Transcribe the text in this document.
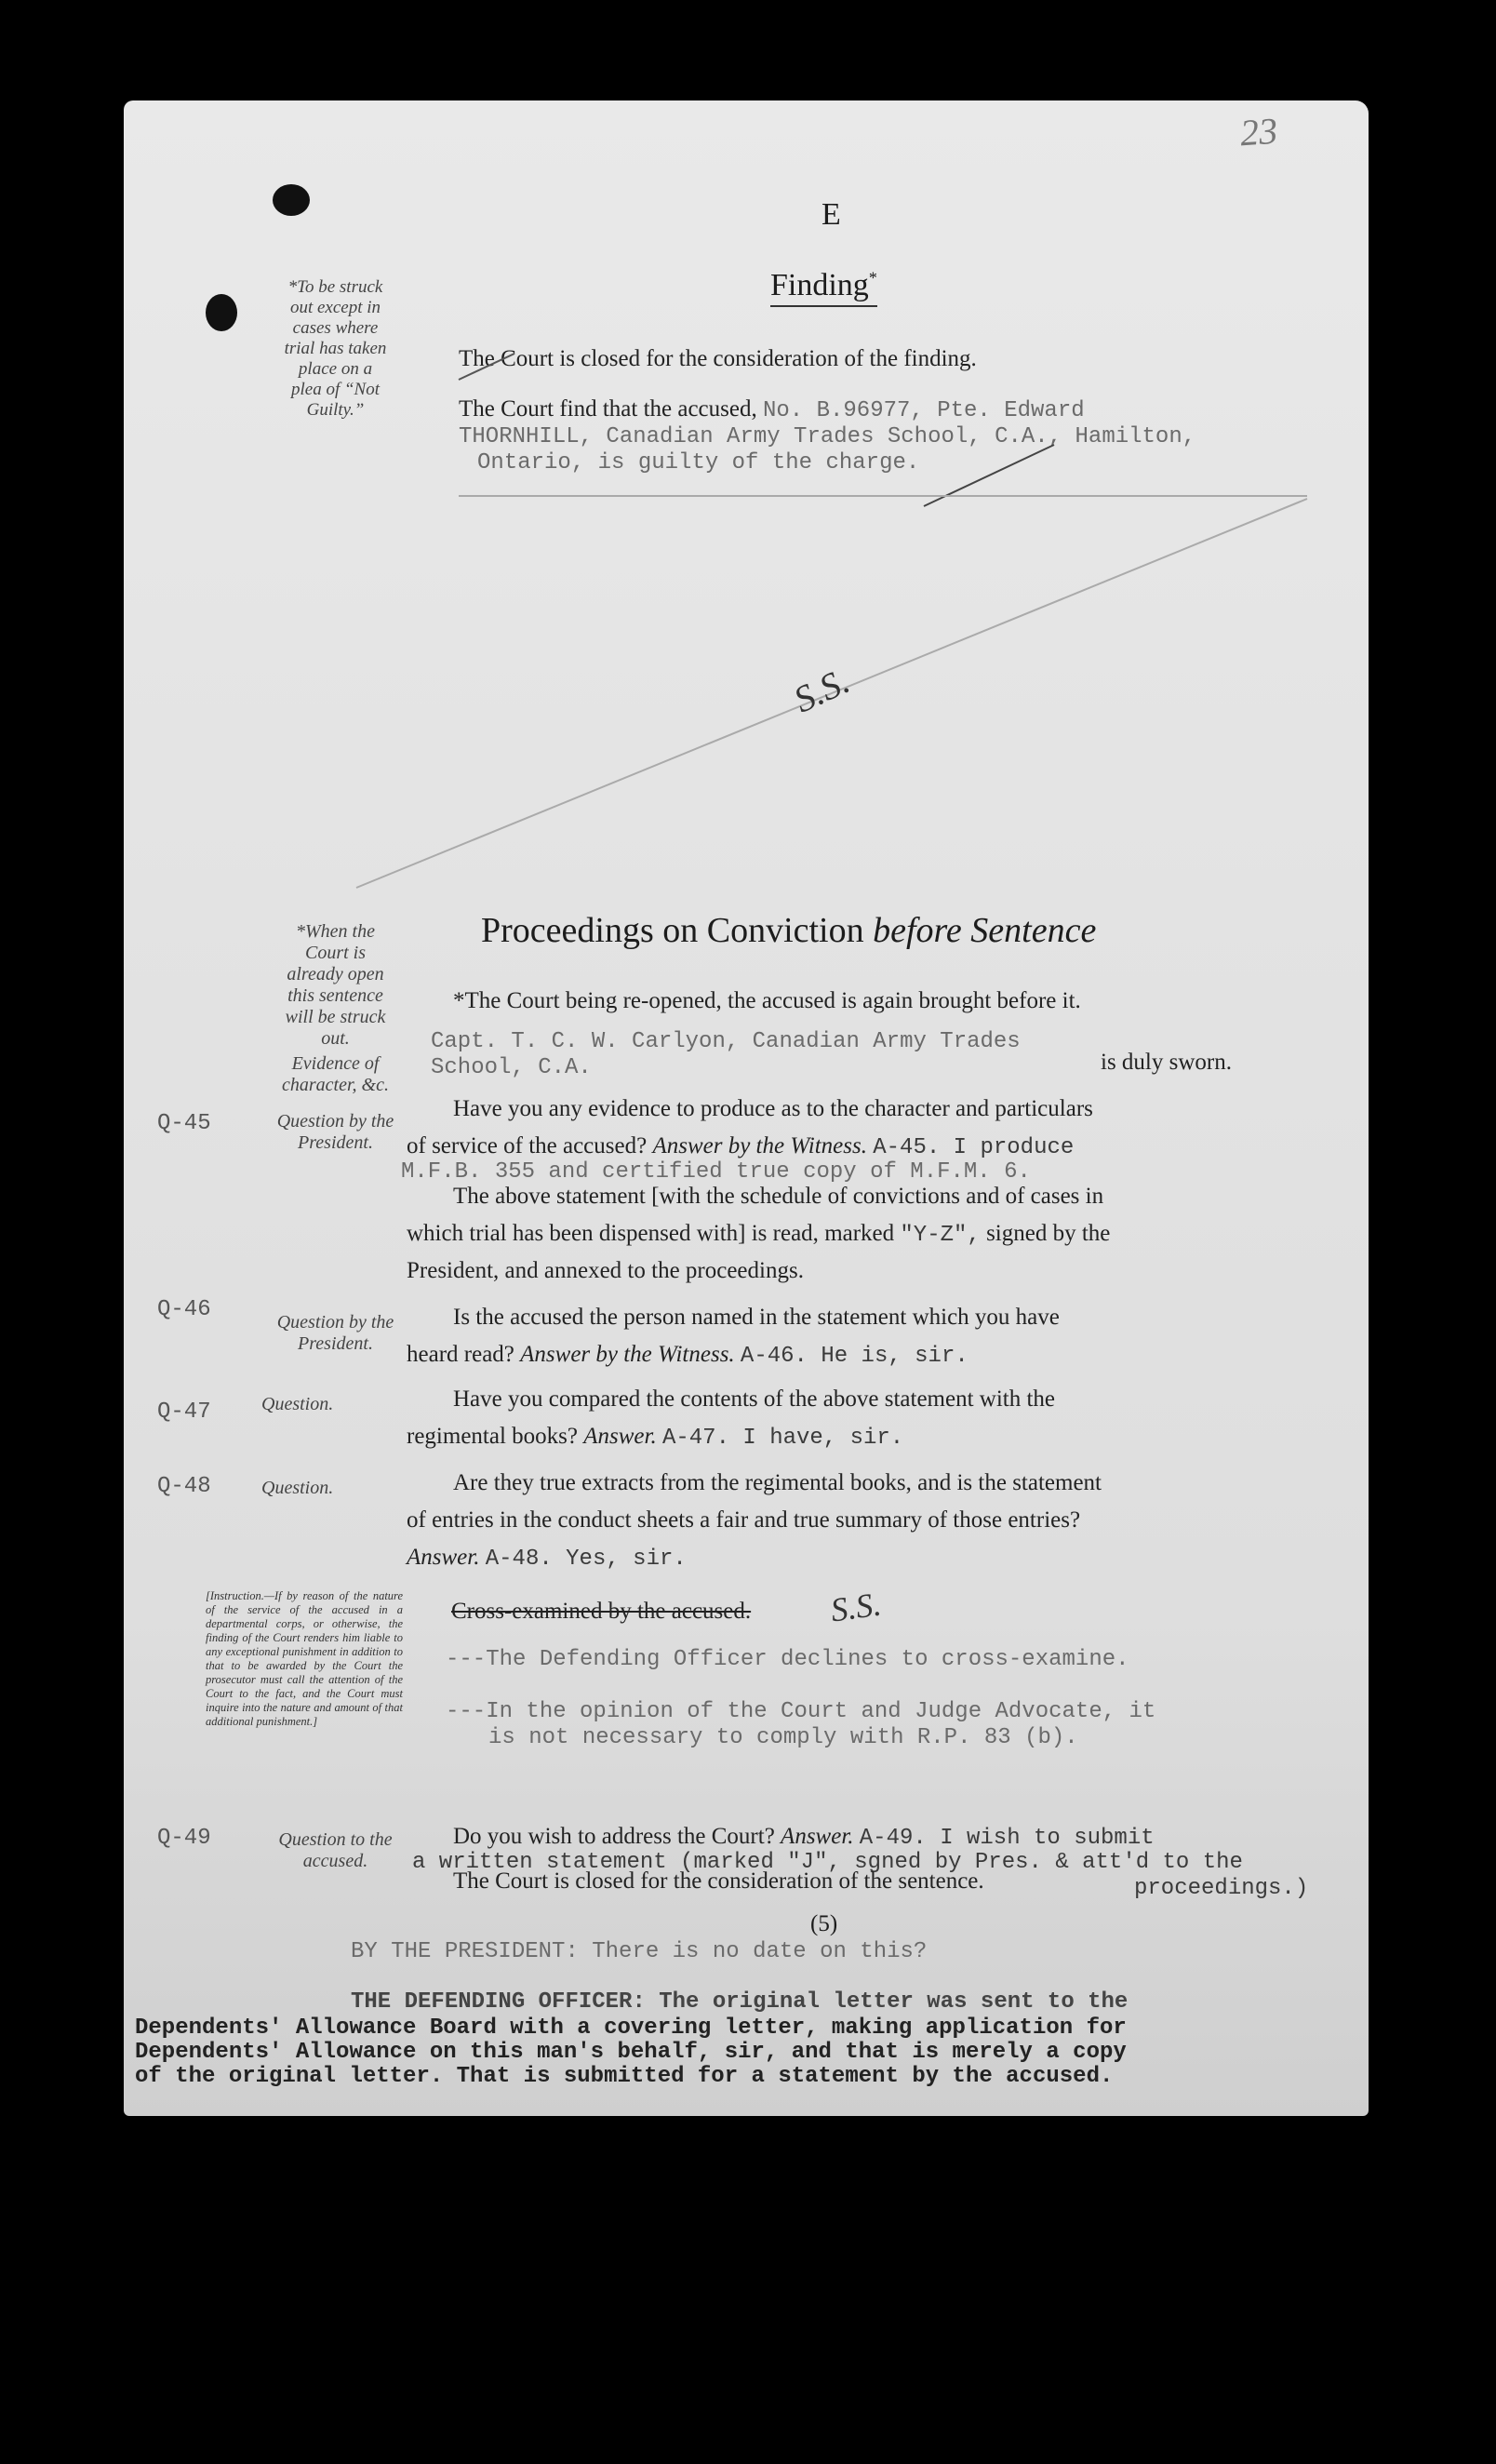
23
E
Finding*
*To be struck
out except in
cases where
trial has taken
place on a
plea of “Not
Guilty.”
The Court is closed for the consideration of the finding.
The Court find that the accused, No. B.96977, Pte. Edward
THORNHILL, Canadian Army Trades School, C.A., Hamilton,
Ontario, is guilty of the charge.
S.S.
Proceedings on Conviction before Sentence
*When the
Court is
already open
this sentence
will be struck
out.
Evidence of
character, &c.
*The Court being re-opened, the accused is again brought before it.
Capt. T. C. W. Carlyon, Canadian Army Trades
School, C.A.	is duly sworn.
Q-45	Question by the
President.
Have you any evidence to produce as to the character and particulars
of service of the accused? Answer by the Witness. A-45. I produce
M.F.B. 355 and certified true copy of M.F.M. 6.
The above statement [with the schedule of convictions and of cases in
which trial has been dispensed with] is read, marked "Y-Z", signed by the
President, and annexed to the proceedings.
Q-46	Question by the
President.
Is the accused the person named in the statement which you have
heard read? Answer by the Witness. A-46. He is, sir.
Q-47	Question.	Have you compared the contents of the above statement with the
regimental books? Answer. A-47. I have, sir.
Q-48	Question.	Are they true extracts from the regimental books, and is the statement
of entries in the conduct sheets a fair and true summary of those entries?
Answer. A-48. Yes, sir.
[Instruction.—If by reason of the nature of the service of the accused in a departmental corps, or otherwise, the finding of the Court renders him liable to any exceptional punishment in addition to that to be awarded by the Court the prosecutor must call the attention of the Court to the fact, and the Court must inquire into the nature and amount of that additional punishment.]
Cross-examined by the accused. S.S.
---The Defending Officer declines to cross-examine.
---In the opinion of the Court and Judge Advocate, it
is not necessary to comply with R.P. 83 (b).
Q-49	Question to the
accused.
Do you wish to address the Court? Answer. A-49. I wish to submit
a written statement (marked "J", sgned by Pres. & att'd to the
proceedings.)
The Court is closed for the consideration of the sentence.
(5)
BY THE PRESIDENT: There is no date on this?
THE DEFENDING OFFICER: The original letter was sent to the
Dependents' Allowance Board with a covering letter, making application for
Dependents' Allowance on this man's behalf, sir, and that is merely a copy
of the original letter. That is submitted for a statement by the accused.
